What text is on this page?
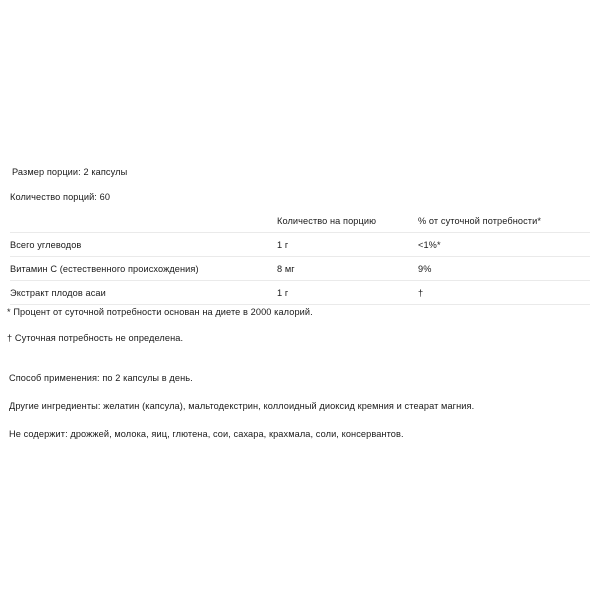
Размер порции: 2 капсулы
Количество порций: 60
	Количество на порцию	% от суточной потребности*
Всего углеводов	1 г	<1%*
Витамин C (естественного происхождения)	8 мг	9%
Экстракт плодов асаи	1 г	†
* Процент от суточной потребности основан на диете в 2000 калорий.
† Суточная потребность не определена.
Способ применения: по 2 капсулы в день.
Другие ингредиенты: желатин (капсула), мальтодекстрин, коллоидный диоксид кремния и стеарат магния.
Не содержит: дрожжей, молока, яиц, глютена, сои, сахара, крахмала, соли, консервантов.
